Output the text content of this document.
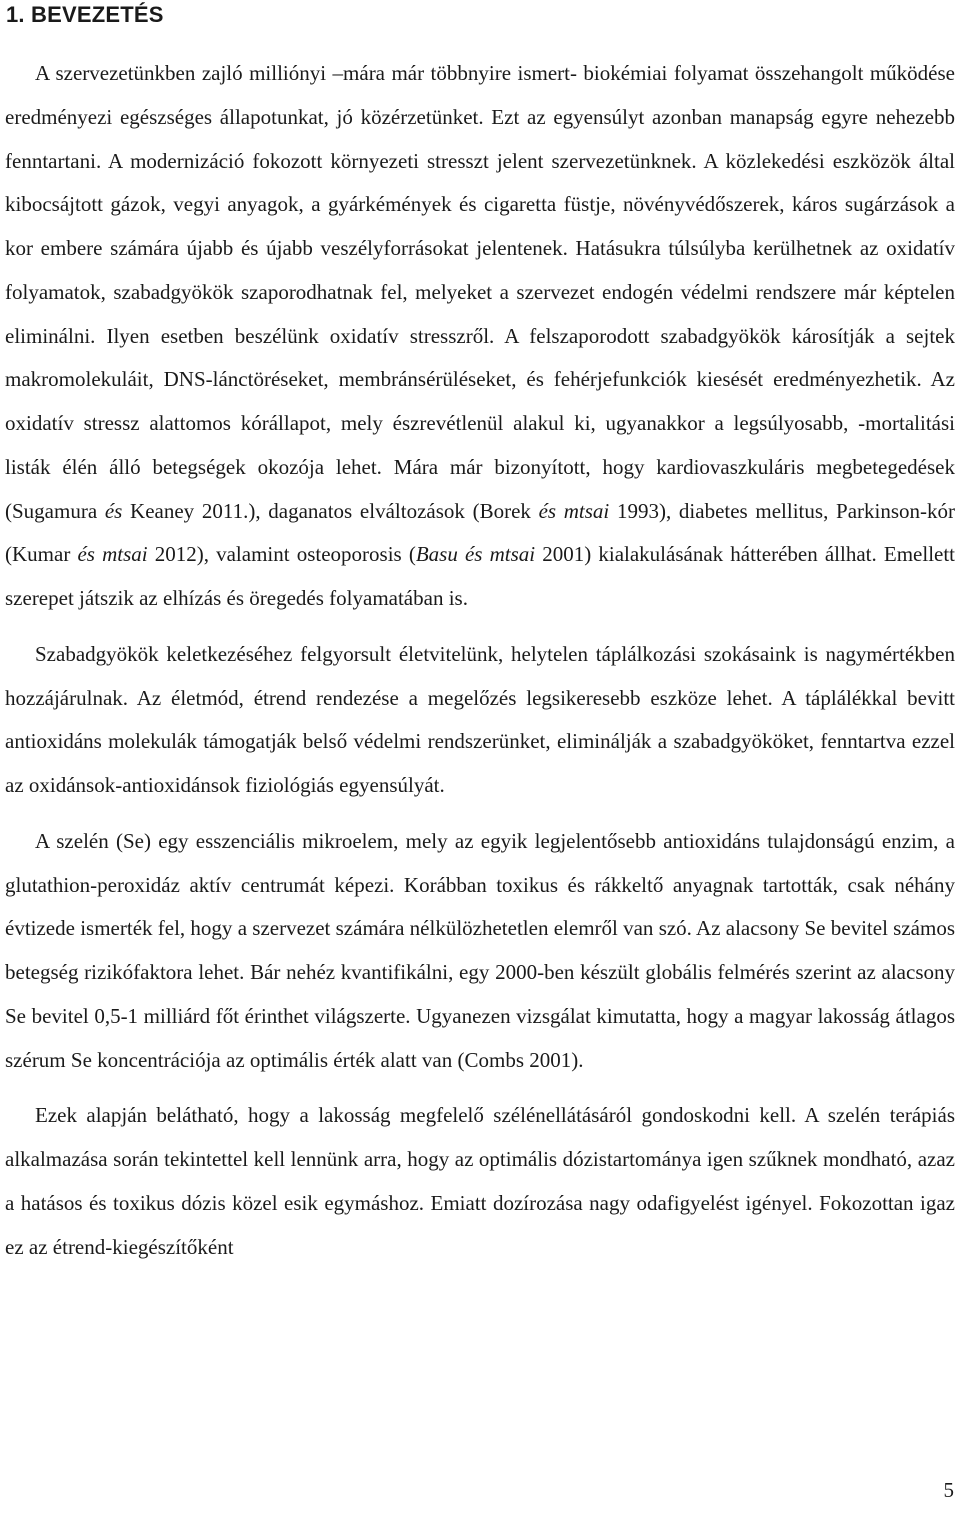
1. BEVEZETÉS

A szervezetünkben zajló milliónyi –mára már többnyire ismert- biokémiai folyamat összehangolt működése eredményezi egészséges állapotunkat, jó közérzetünket. Ezt az egyensúlyt azonban manapság egyre nehezebb fenntartani. A modernizáció fokozott környezeti stresszt jelent szervezetünknek. A közlekedési eszközök által kibocsájtott gázok, vegyi anyagok, a gyárkémények és cigaretta füstje, növényvédőszerek, káros sugárzások a kor embere számára újabb és újabb veszélyforrásokat jelentenek. Hatásukra túlsúlyba kerülhetnek az oxidatív folyamatok, szabadgyökök szaporodhatnak fel, melyeket a szervezet endogén védelmi rendszere már képtelen eliminálni. Ilyen esetben beszélünk oxidatív stresszről. A felszaporodott szabadgyökök károsítják a sejtek makromolekuláit, DNS-lánctöréseket, membránsérüléseket, és fehérjefunkciók kiesését eredményezhetik. Az oxidatív stressz alattomos kórállapot, mely észrevétlenül alakul ki, ugyanakkor a legsúlyosabb, -mortalitási listák élén álló betegségek okozója lehet. Mára már bizonyított, hogy kardiovaszkuláris megbetegedések (Sugamura és Keaney 2011.), daganatos elváltozások (Borek és mtsai 1993), diabetes mellitus, Parkinson-kór (Kumar és mtsai 2012), valamint osteoporosis (Basu és mtsai 2001) kialakulásának hátterében állhat. Emellett szerepet játszik az elhízás és öregedés folyamatában is.

Szabadgyökök keletkezéséhez felgyorsult életvitelünk, helytelen táplálkozási szokásaink is nagymértékben hozzájárulnak. Az életmód, étrend rendezése a megelőzés legsikeresebb eszköze lehet. A táplálékkal bevitt antioxidáns molekulák támogatják belső védelmi rendszerünket, eliminálják a szabadgyököket, fenntartva ezzel az oxidánsok-antioxidánsok fiziológiás egyensúlyát.

A szelén (Se) egy esszenciális mikroelem, mely az egyik legjelentősebb antioxidáns tulajdonságú enzim, a glutathion-peroxidáz aktív centrumát képezi. Korábban toxikus és rákkeltő anyagnak tartották, csak néhány évtizede ismerték fel, hogy a szervezet számára nélkülözhetetlen elemről van szó. Az alacsony Se bevitel számos betegség rizikófaktora lehet. Bár nehéz kvantifikálni, egy 2000-ben készült globális felmérés szerint az alacsony Se bevitel 0,5-1 milliárd főt érinthet világszerte. Ugyanezen vizsgálat kimutatta, hogy a magyar lakosság átlagos szérum Se koncentrációja az optimális érték alatt van (Combs 2001).

Ezek alapján belátható, hogy a lakosság megfelelő szélénellátásáról gondoskodni kell. A szelén terápiás alkalmazása során tekintettel kell lennünk arra, hogy az optimális dózistartománya igen szűknek mondható, azaz a hatásos és toxikus dózis közel esik egymáshoz. Emiatt dozírozása nagy odafigyelést igényel. Fokozottan igaz ez az étrend-kiegészítőként

5
